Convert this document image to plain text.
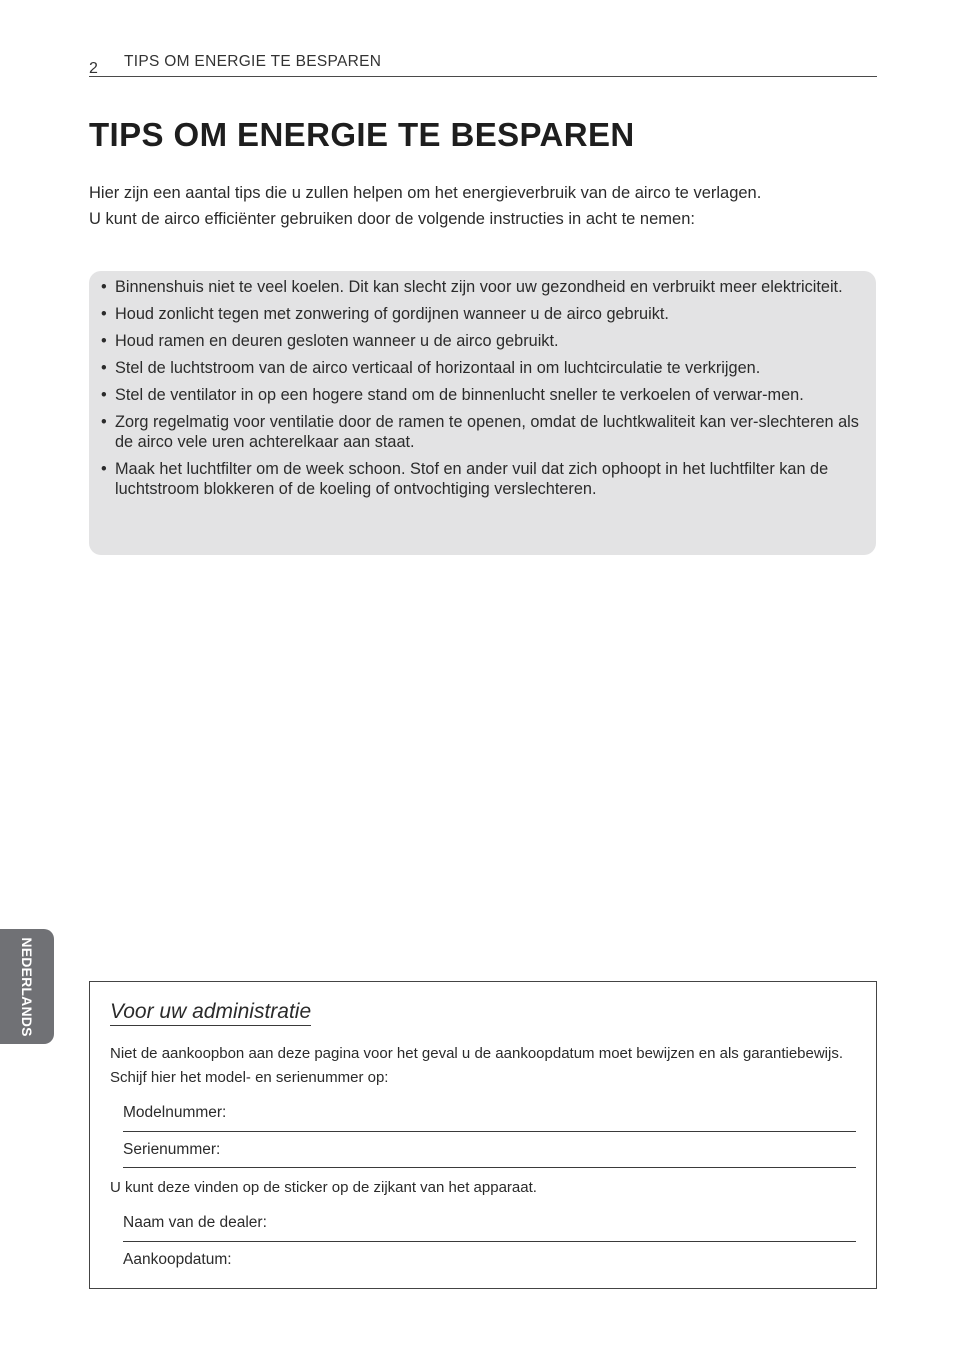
2 TIPS OM ENERGIE TE BESPAREN
TIPS OM ENERGIE TE BESPAREN

Hier zijn een aantal tips die u zullen helpen om het energieverbruik van de airco te verlagen.

U kunt de airco efficiënter gebruiken door de volgende instructies in acht te nemen:

• Binnenshuis niet te veel koelen. Dit kan slecht zijn voor uw gezondheid en verbruikt meer elektriciteit.
• Houd zonlicht tegen met zonwering of gordijnen wanneer u de airco gebruikt.
• Houd ramen en deuren gesloten wanneer u de airco gebruikt.
• Stel de luchtstroom van de airco verticaal of horizontaal in om luchtcirculatie te verkrijgen.
• Stel de ventilator in op een hogere stand om de binnenlucht sneller te verkoelen of verwar-men.
• Zorg regelmatig voor ventilatie door de ramen te openen, omdat de luchtkwaliteit kan ver-slechteren als de airco vele uren achterelkaar aan staat.
• Maak het luchtfilter om de week schoon. Stof en ander vuil dat zich ophoopt in het luchtfilter kan de luchtstroom blokkeren of de koeling of ontvochtiging verslechteren.
NEDERLANDS	Voor uw administratie
Niet de aankoopbon aan deze pagina voor het geval u de aankoopdatum moet bewijzen en als garantiebewijs. Schijf hier het model- en serienummer op:
Modelnummer:
Serienummer:
U kunt deze vinden op de sticker op de zijkant van het apparaat.
Naam van de dealer:
Aankoopdatum:
